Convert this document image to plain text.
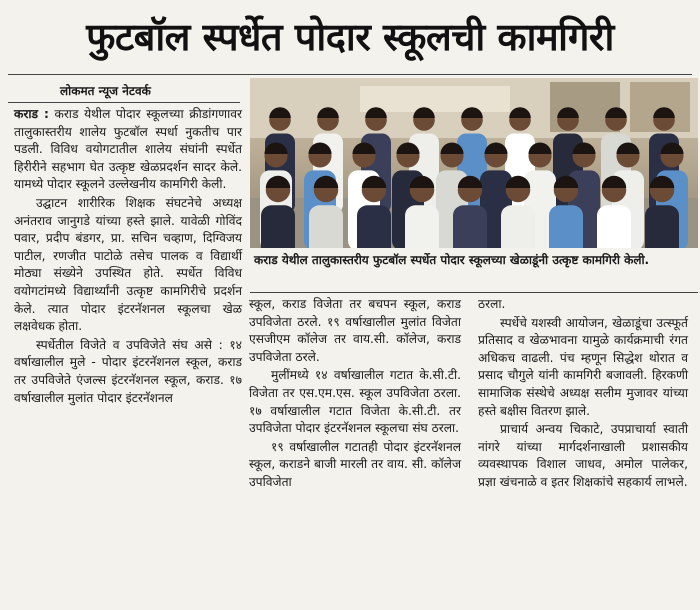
फुटबॉल स्पर्धेत पोदार स्कूलची कामगिरी
लोकमत न्यूज नेटवर्क

कराड : कराड येथील पोदार स्कूलच्या क्रीडांगणावर तालुकास्तरीय शालेय फुटबॉल स्पर्धा नुकतीच पार पडली. विविध वयोगटातील शालेय संघांनी स्पर्धेत हिरीरीने सहभाग घेत उत्कृष्ट खेळप्रदर्शन सादर केले. यामध्ये पोदार स्कूलने उल्लेखनीय कामगिरी केली.

उद्घाटन शारीरिक शिक्षक संघटनेचे अध्यक्ष अनंतराव जानुगडे यांच्या हस्ते झाले. यावेळी गोविंद पवार, प्रदीप बंडगर, प्रा. सचिन चव्हाण, दिग्विजय पाटील, रणजीत पाटोळे तसेच पालक व विद्यार्थी मोठ्या संख्येने उपस्थित होते. स्पर्धेत विविध वयोगटांमध्ये विद्यार्थ्यांनी उत्कृष्ट कामगिरीचे प्रदर्शन केले. त्यात पोदार इंटरनॅशनल स्कूलचा खेळ लक्षवेधक होता.

स्पर्धेतील विजेते व उपविजेते संघ असे : १४ वर्षाखालील मुले - पोदार इंटरनॅशनल स्कूल, कराड तर उपविजेते एंजल्स इंटरनॅशनल स्कूल, कराड. १७ वर्षाखालील मुलांत पोदार इंटरनॅशनल

कराड येथील तालुकास्तरीय फुटबॉल स्पर्धेत पोदार स्कूलच्या खेळाडूंनी उत्कृष्ट कामगिरी केली.

स्कूल, कराड विजेता तर बचपन स्कूल, कराड उपविजेता ठरले. १९ वर्षाखालील मुलांत विजेता एसजीएम कॉलेज तर वाय.सी. कॉलेज, कराड उपविजेता ठरले.

मुलींमध्ये १४ वर्षाखालील गटात के.सी.टी. विजेता तर एस.एम.एस. स्कूल उपविजेता ठरला. १७ वर्षाखालील गटात विजेता के.सी.टी. तर उपविजेता पोदार इंटरनॅशनल स्कूलचा संघ ठरला.

१९ वर्षाखालील गटातही पोदार इंटरनॅशनल स्कूल, कराडने बाजी मारली तर वाय. सी. कॉलेज उपविजेता

ठरला.

स्पर्धेचे यशस्वी आयोजन, खेळाडूंचा उत्स्फूर्त प्रतिसाद व खेळभावना यामुळे कार्यक्रमाची रंगत अधिकच वाढली. पंच म्हणून सिद्धेश थोरात व प्रसाद चौगुले यांनी कामगिरी बजावली. हिरकणी सामाजिक संस्थेचे अध्यक्ष सलीम मुजावर यांच्या हस्ते बक्षीस वितरण झाले.

प्राचार्य अन्वय चिकाटे, उपप्राचार्या स्वाती नांगरे यांच्या मार्गदर्शनाखाली प्रशासकीय व्यवस्थापक विशाल जाधव, अमोल पालेकर, प्रज्ञा खंचनाळे व इतर शिक्षकांचे सहकार्य लाभले.
